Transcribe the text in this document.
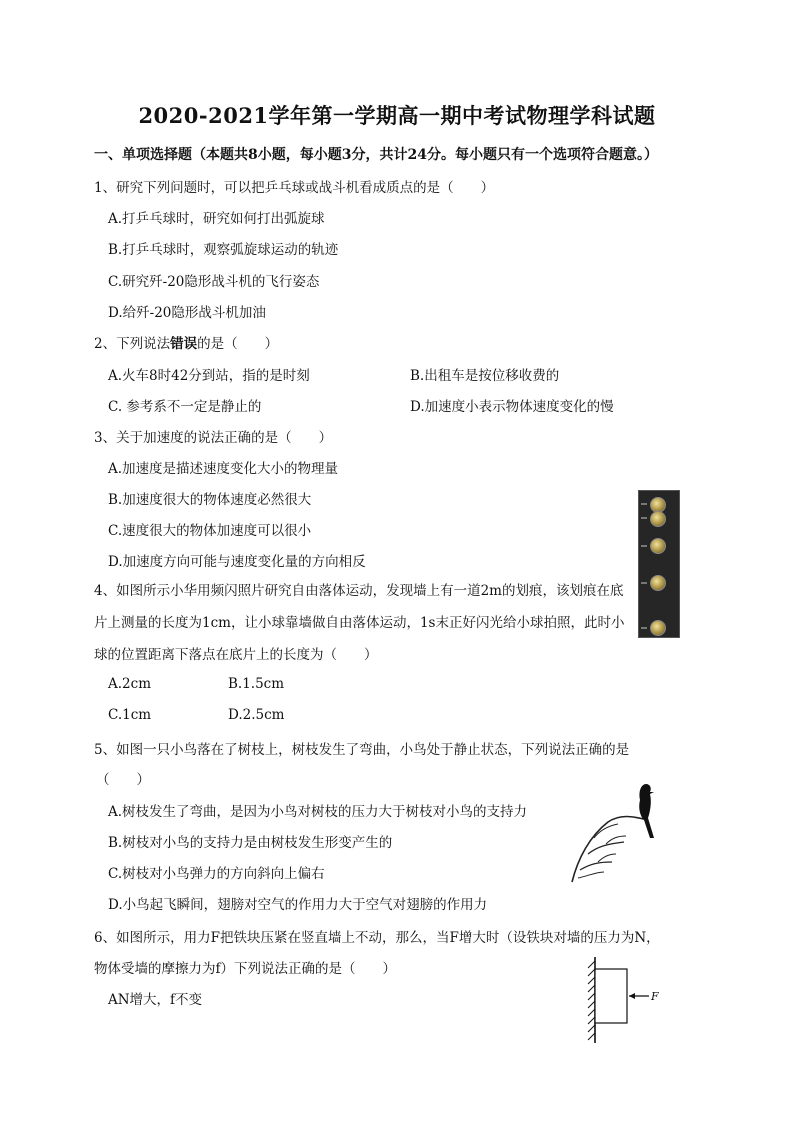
2020-2021学年第一学期高一期中考试物理学科试题
一、单项选择题（本题共8小题，每小题3分，共计24分。每小题只有一个选项符合题意。）
1、研究下列问题时，可以把乒乓球或战斗机看成质点的是（　　）
A.打乒乓球时，研究如何打出弧旋球
B.打乒乓球时，观察弧旋球运动的轨迹
C.研究歼-20隐形战斗机的飞行姿态
D.给歼-20隐形战斗机加油
2、下列说法错误的是（　　）
A.火车8时42分到站，指的是时刻	B.出租车是按位移收费的
C. 参考系不一定是静止的	D.加速度小表示物体速度变化的慢
3、关于加速度的说法正确的是（　　）
A.加速度是描述速度变化大小的物理量
B.加速度很大的物体速度必然很大
C.速度很大的物体加速度可以很小
D.加速度方向可能与速度变化量的方向相反
4、如图所示小华用频闪照片研究自由落体运动，发现墙上有一道2m的划痕，该划痕在底片上测量的长度为1cm，让小球靠墙做自由落体运动，1s末正好闪光给小球拍照，此时小球的位置距离下落点在底片上的长度为（　　）
A.2cm	B.1.5cm
C.1cm	D.2.5cm
5、如图一只小鸟落在了树枝上，树枝发生了弯曲，小鸟处于静止状态，下列说法正确的是
（　　）
A.树枝发生了弯曲，是因为小鸟对树枝的压力大于树枝对小鸟的支持力
B.树枝对小鸟的支持力是由树枝发生形变产生的
C.树枝对小鸟弹力的方向斜向上偏右
D.小鸟起飞瞬间，翅膀对空气的作用力大于空气对翅膀的作用力
6、如图所示，用力F把铁块压紧在竖直墙上不动，那么，当F增大时（设铁块对墙的压力为N，
物体受墙的摩擦力为f）下列说法正确的是（　　）
AN增大，f不变	F
